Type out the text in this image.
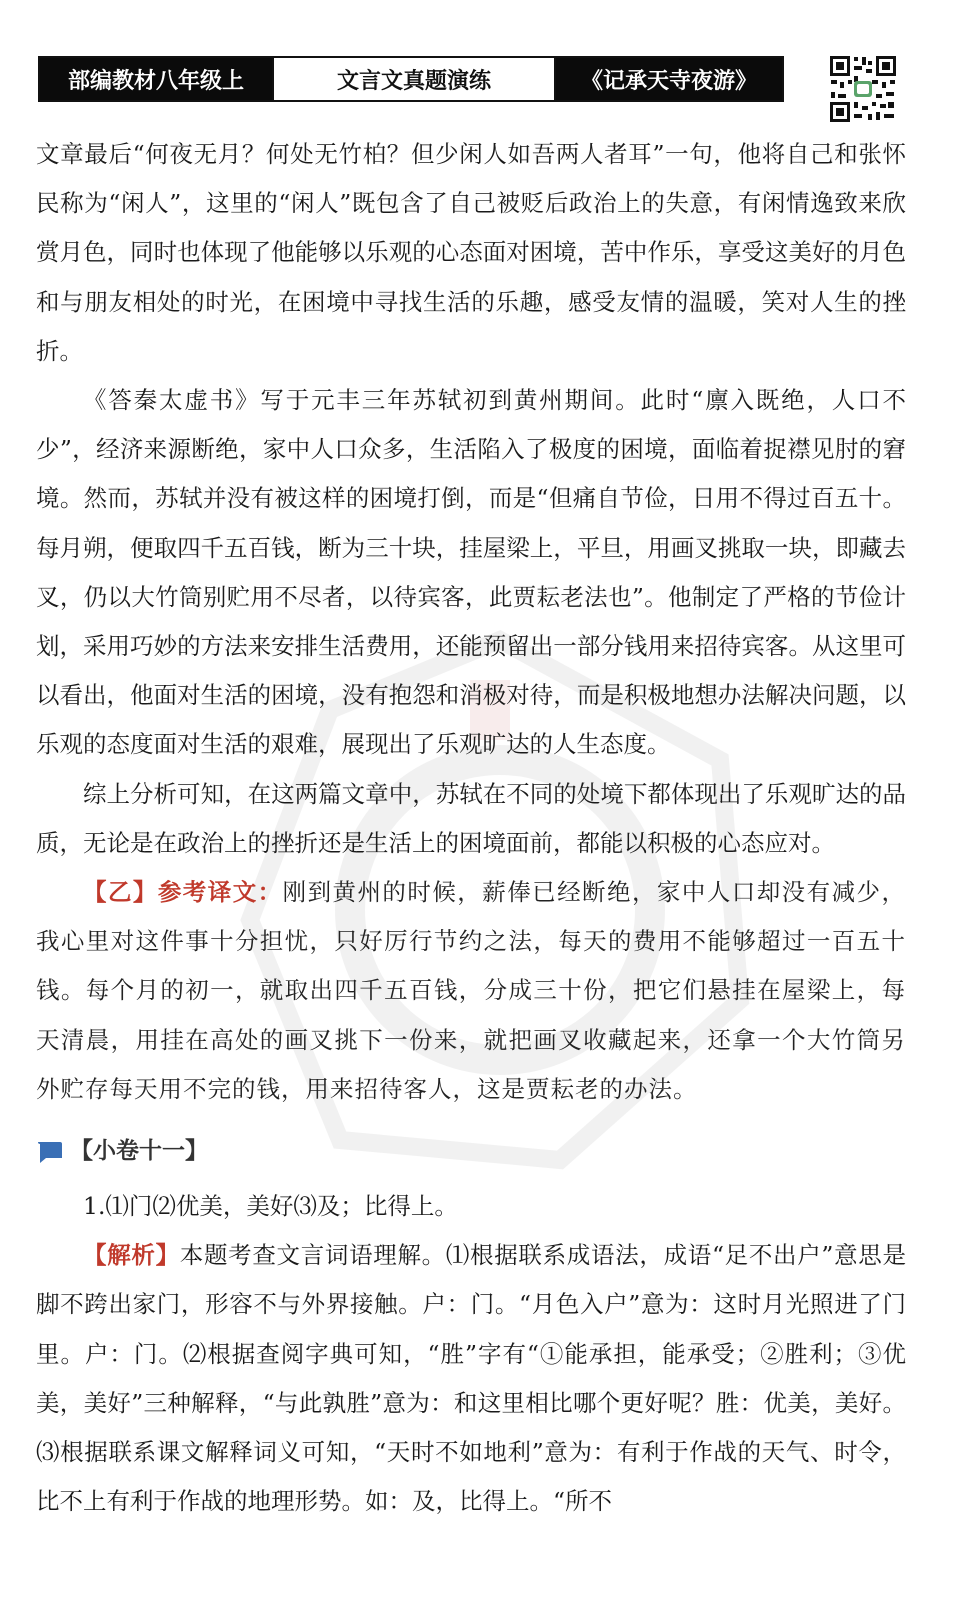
部编教材八年级上	文言文真题演练	《记承天寺夜游》

文章最后“何夜无月？何处无竹柏？但少闲人如吾两人者耳”一句，他将自己和张怀民称为“闲人”，这里的“闲人”既包含了自己被贬后政治上的失意，有闲情逸致来欣赏月色，同时也体现了他能够以乐观的心态面对困境，苦中作乐，享受这美好的月色和与朋友相处的时光，在困境中寻找生活的乐趣，感受友情的温暖，笑对人生的挫折。

《答秦太虚书》写于元丰三年苏轼初到黄州期间。此时“廪入既绝，人口不少”，经济来源断绝，家中人口众多，生活陷入了极度的困境，面临着捉襟见肘的窘境。然而，苏轼并没有被这样的困境打倒，而是“但痛自节俭，日用不得过百五十。每月朔，便取四千五百钱，断为三十块，挂屋梁上，平旦，用画叉挑取一块，即藏去叉，仍以大竹筒别贮用不尽者，以待宾客，此贾耘老法也”。他制定了严格的节俭计划，采用巧妙的方法来安排生活费用，还能预留出一部分钱用来招待宾客。从这里可以看出，他面对生活的困境，没有抱怨和消极对待，而是积极地想办法解决问题，以乐观的态度面对生活的艰难，展现出了乐观旷达的人生态度。

综上分析可知，在这两篇文章中，苏轼在不同的处境下都体现出了乐观旷达的品质，无论是在政治上的挫折还是生活上的困境面前，都能以积极的心态应对。

【乙】参考译文：刚到黄州的时候，薪俸已经断绝，家中人口却没有减少，我心里对这件事十分担忧，只好厉行节约之法，每天的费用不能够超过一百五十钱。每个月的初一，就取出四千五百钱，分成三十份，把它们悬挂在屋梁上，每天清晨，用挂在高处的画叉挑下一份来，就把画叉收藏起来，还拿一个大竹筒另外贮存每天用不完的钱，用来招待客人，这是贾耘老的办法。

【小卷十一】

1.⑴门⑵优美，美好⑶及；比得上。

【解析】本题考查文言词语理解。⑴根据联系成语法，成语“足不出户”意思是脚不跨出家门，形容不与外界接触。户：门。“月色入户”意为：这时月光照进了门里。户：门。⑵根据查阅字典可知，“胜”字有“①能承担，能承受；②胜利；③优美，美好”三种解释，“与此孰胜”意为：和这里相比哪个更好呢？胜：优美，美好。⑶根据联系课文解释词义可知，“天时不如地利”意为：有利于作战的天气、时令，比不上有利于作战的地理形势。如：及，比得上。“所不
